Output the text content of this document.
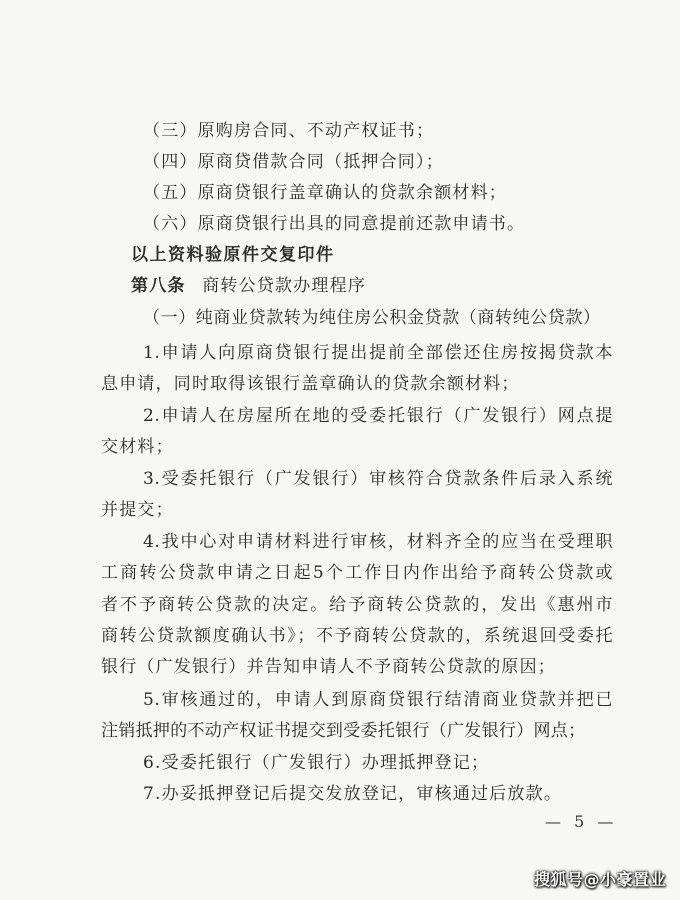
（三）原购房合同、不动产权证书；
（四）原商贷借款合同（抵押合同）；
（五）原商贷银行盖章确认的贷款余额材料；
（六）原商贷银行出具的同意提前还款申请书。
以上资料验原件交复印件
第八条 商转公贷款办理程序
（一）纯商业贷款转为纯住房公积金贷款（商转纯公贷款）
1.申请人向原商贷银行提出提前全部偿还住房按揭贷款本
息申请，同时取得该银行盖章确认的贷款余额材料；
2.申请人在房屋所在地的受委托银行（广发银行）网点提
交材料；
3.受委托银行（广发银行）审核符合贷款条件后录入系统
并提交；
4.我中心对申请材料进行审核，材料齐全的应当在受理职
工商转公贷款申请之日起5个工作日内作出给予商转公贷款或
者不予商转公贷款的决定。给予商转公贷款的，发出《惠州市
商转公贷款额度确认书》；不予商转公贷款的，系统退回受委托
银行（广发银行）并告知申请人不予商转公贷款的原因；
5.审核通过的，申请人到原商贷银行结清商业贷款并把已
注销抵押的不动产权证书提交到受委托银行（广发银行）网点；
6.受委托银行（广发银行）办理抵押登记；
7.办妥抵押登记后提交发放登记，审核通过后放款。
— 5 —
搜狐号@小豪置业
